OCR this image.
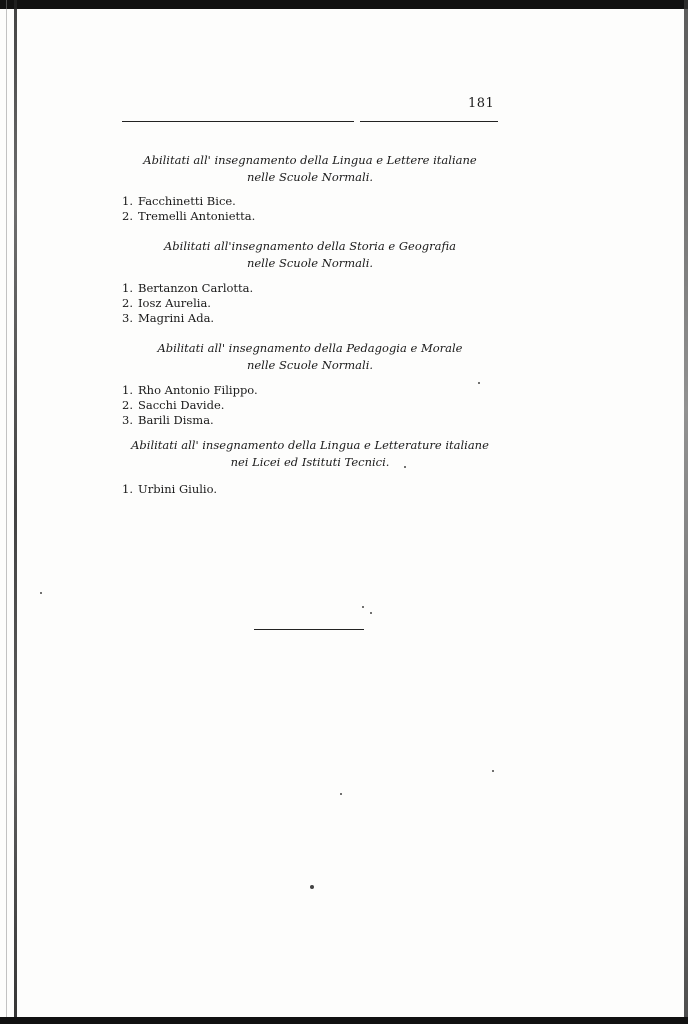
181
Abilitati all' insegnamento della Lingua e Lettere italiane
nelle Scuole Normali.
1. Facchinetti Bice.
2. Tremelli Antonietta.
Abilitati all'insegnamento della Storia e Geografia
nelle Scuole Normali.
1. Bertanzon Carlotta.
2. Iosz Aurelia.
3. Magrini Ada.
Abilitati all' insegnamento della Pedagogia e Morale
nelle Scuole Normali.
1. Rho Antonio Filippo.
2. Sacchi Davide.
3. Barili Disma.
Abilitati all' insegnamento della Lingua e Letterature italiane
nei Licei ed Istituti Tecnici.
1. Urbini Giulio.
